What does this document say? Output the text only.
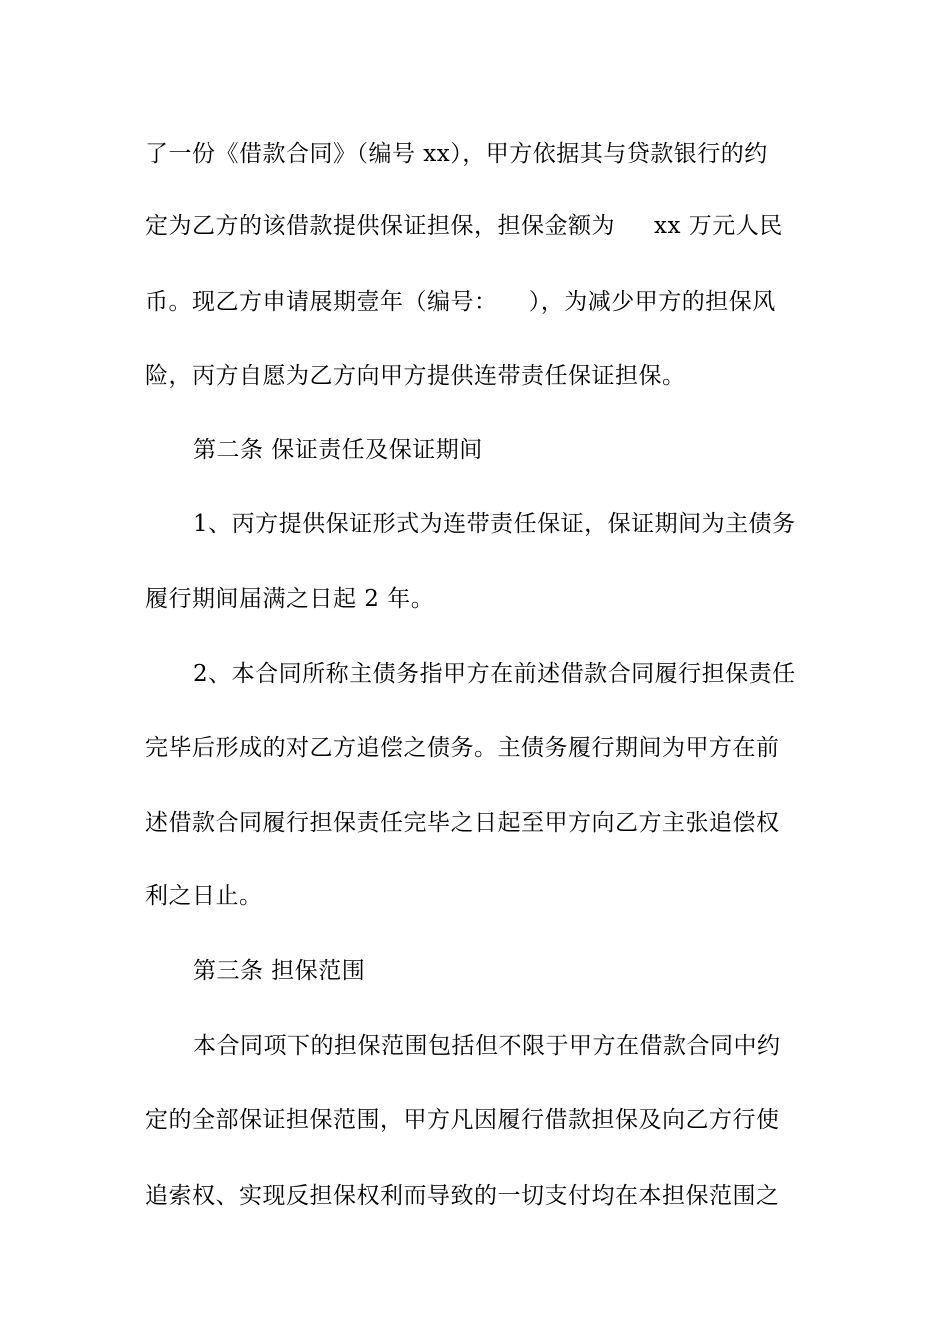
了一份《借款合同》（编号 xx），甲方依据其与贷款银行的约
定为乙方的该借款提供保证担保，担保金额为     xx 万元人民
币。现乙方申请展期壹年（编号：    ），为减少甲方的担保风
险，丙方自愿为乙方向甲方提供连带责任保证担保。
第二条 保证责任及保证期间
1、丙方提供保证形式为连带责任保证，保证期间为主债务
履行期间届满之日起 2 年。
2、本合同所称主债务指甲方在前述借款合同履行担保责任
完毕后形成的对乙方追偿之债务。主债务履行期间为甲方在前
述借款合同履行担保责任完毕之日起至甲方向乙方主张追偿权
利之日止。
第三条 担保范围
本合同项下的担保范围包括但不限于甲方在借款合同中约
定的全部保证担保范围，甲方凡因履行借款担保及向乙方行使
追索权、实现反担保权利而导致的一切支付均在本担保范围之
